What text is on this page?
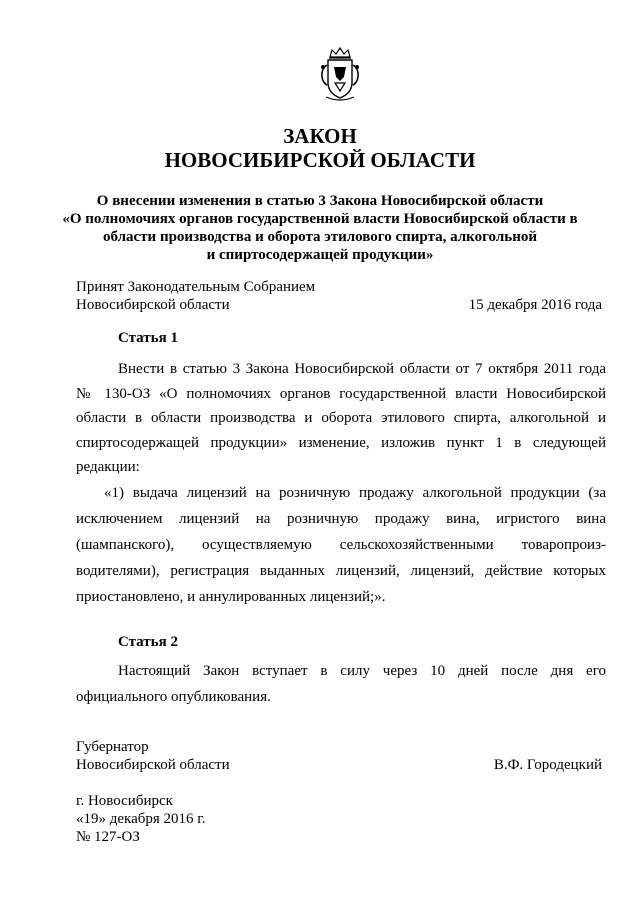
ЗАКОН
НОВОСИБИРСКОЙ ОБЛАСТИ
О внесении изменения в статью 3 Закона Новосибирской области
«О полномочиях органов государственной власти Новосибирской области в
области производства и оборота этилового спирта, алкогольной
и спиртосодержащей продукции»
Принят Законодательным Собранием
Новосибирской области	15 декабря 2016 года
Статья 1
Внести в статью 3 Закона Новосибирской области от 7 октября 2011 года
№ 130-ОЗ «О полномочиях органов государственной власти Новосибирской
области в области производства и оборота этилового спирта, алкогольной и
спиртосодержащей продукции» изменение, изложив пункт 1 в следующей
редакции:
«1) выдача лицензий на розничную продажу алкогольной продукции (за
исключением лицензий на розничную продажу вина, игристого вина
(шампанского), осуществляемую сельскохозяйственными товаропроиз-
водителями), регистрация выданных лицензий, лицензий, действие которых
приостановлено, и аннулированных лицензий;».
Статья 2
Настоящий Закон вступает в силу через 10 дней после дня его
официального опубликования.
Губернатор
Новосибирской области	В.Ф. Городецкий
г. Новосибирск
«19» декабря 2016 г.
№ 127-ОЗ
